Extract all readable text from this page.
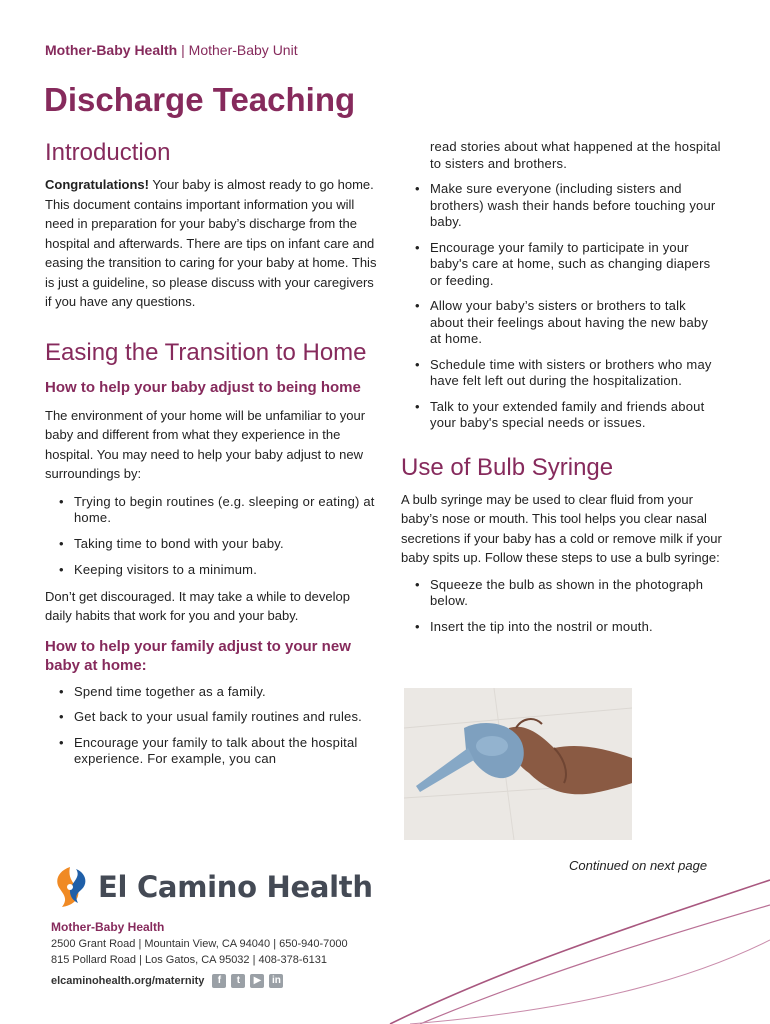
Mother-Baby Health | Mother-Baby Unit
Discharge Teaching
Introduction

Congratulations! Your baby is almost ready to go home. This document contains important information you will need in preparation for your baby’s discharge from the hospital and afterwards. There are tips on infant care and easing the transition to caring for your baby at home. This is just a guideline, so please discuss with your caregivers if you have any questions.

Easing the Transition to Home
How to help your baby adjust to being home

The environment of your home will be unfamiliar to your baby and different from what they experience in the hospital. You may need to help your baby adjust to new surroundings by:

• Trying to begin routines (e.g. sleeping or eating) at home.
• Taking time to bond with your baby.
• Keeping visitors to a minimum.

Don’t get discouraged. It may take a while to develop daily habits that work for you and your baby.

How to help your family adjust to your new baby at home:
• Spend time together as a family.
• Get back to your usual family routines and rules.
• Encourage your family to talk about the hospital experience. For example, you can
read stories about what happened at the hospital to sisters and brothers.
• Make sure everyone (including sisters and brothers) wash their hands before touching your baby.
• Encourage your family to participate in your baby's care at home, such as changing diapers or feeding.
• Allow your baby’s sisters or brothers to talk about their feelings about having the new baby at home.
• Schedule time with sisters or brothers who may have felt left out during the hospitalization.
• Talk to your extended family and friends about your baby's special needs or issues.
Use of Bulb Syringe

A bulb syringe may be used to clear fluid from your baby’s nose or mouth. This tool helps you clear nasal secretions if your baby has a cold or remove milk if your baby spits up. Follow these steps to use a bulb syringe:

• Squeeze the bulb as shown in the photograph below.
• Insert the tip into the nostril or mouth.
Continued on next page
El Camino Health
Mother-Baby Health
2500 Grant Road | Mountain View, CA 94040 | 650-940-7000
815 Pollard Road | Los Gatos, CA 95032 | 408-378-6131
elcaminohealth.org/maternity	f	t	▶	in
